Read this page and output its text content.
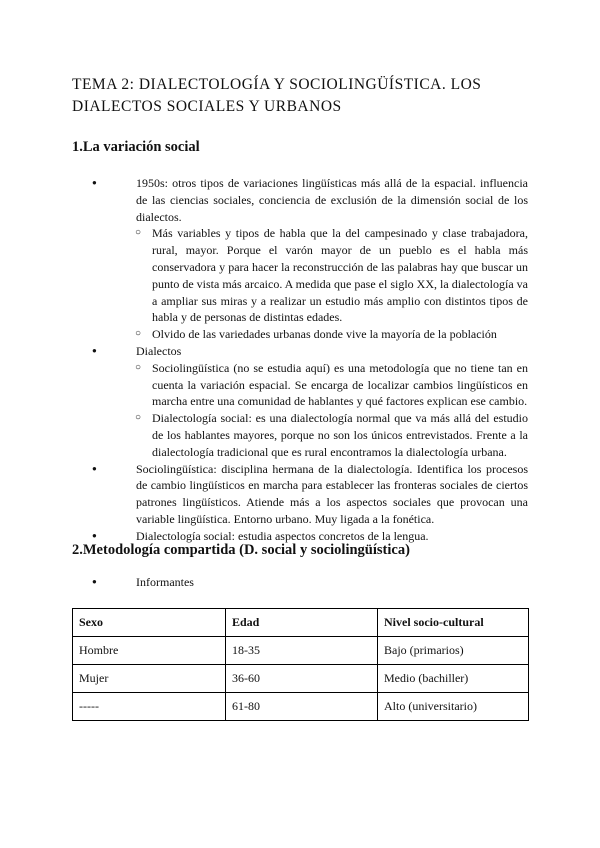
TEMA 2: DIALECTOLOGÍA Y SOCIOLINGÜÍSTICA. LOS DIALECTOS SOCIALES Y URBANOS
1.La variación social
● 1950s: otros tipos de variaciones lingüísticas más allá de la espacial. influencia de las ciencias sociales, conciencia de exclusión de la dimensión social de los dialectos.
○ Más variables y tipos de habla que la del campesinado y clase trabajadora, rural, mayor. Porque el varón mayor de un pueblo es el habla más conservadora y para hacer la reconstrucción de las palabras hay que buscar un punto de vista más arcaico. A medida que pase el siglo XX, la dialectología va a ampliar sus miras y a realizar un estudio más amplio con distintos tipos de habla y de personas de distintas edades.
○ Olvido de las variedades urbanas donde vive la mayoría de la población
● Dialectos
○ Sociolingüística (no se estudia aquí) es una metodología que no tiene tan en cuenta la variación espacial. Se encarga de localizar cambios lingüísticos en marcha entre una comunidad de hablantes y qué factores explican ese cambio.
○ Dialectología social: es una dialectología normal que va más allá del estudio de los hablantes mayores, porque no son los únicos entrevistados. Frente a la dialectología tradicional que es rural encontramos la dialectología urbana.
● Sociolingüística: disciplina hermana de la dialectología. Identifica los procesos de cambio lingüísticos en marcha para establecer las fronteras sociales de ciertos patrones lingüísticos. Atiende más a los aspectos sociales que provocan una variable lingüística. Entorno urbano. Muy ligada a la fonética.
● Dialectología social: estudia aspectos concretos de la lengua.
2.Metodología compartida (D. social y sociolingüística)
● Informantes
Sexo	Edad	Nivel socio-cultural
Hombre	18-35	Bajo (primarios)
Mujer	36-60	Medio (bachiller)
-----	61-80	Alto (universitario)
